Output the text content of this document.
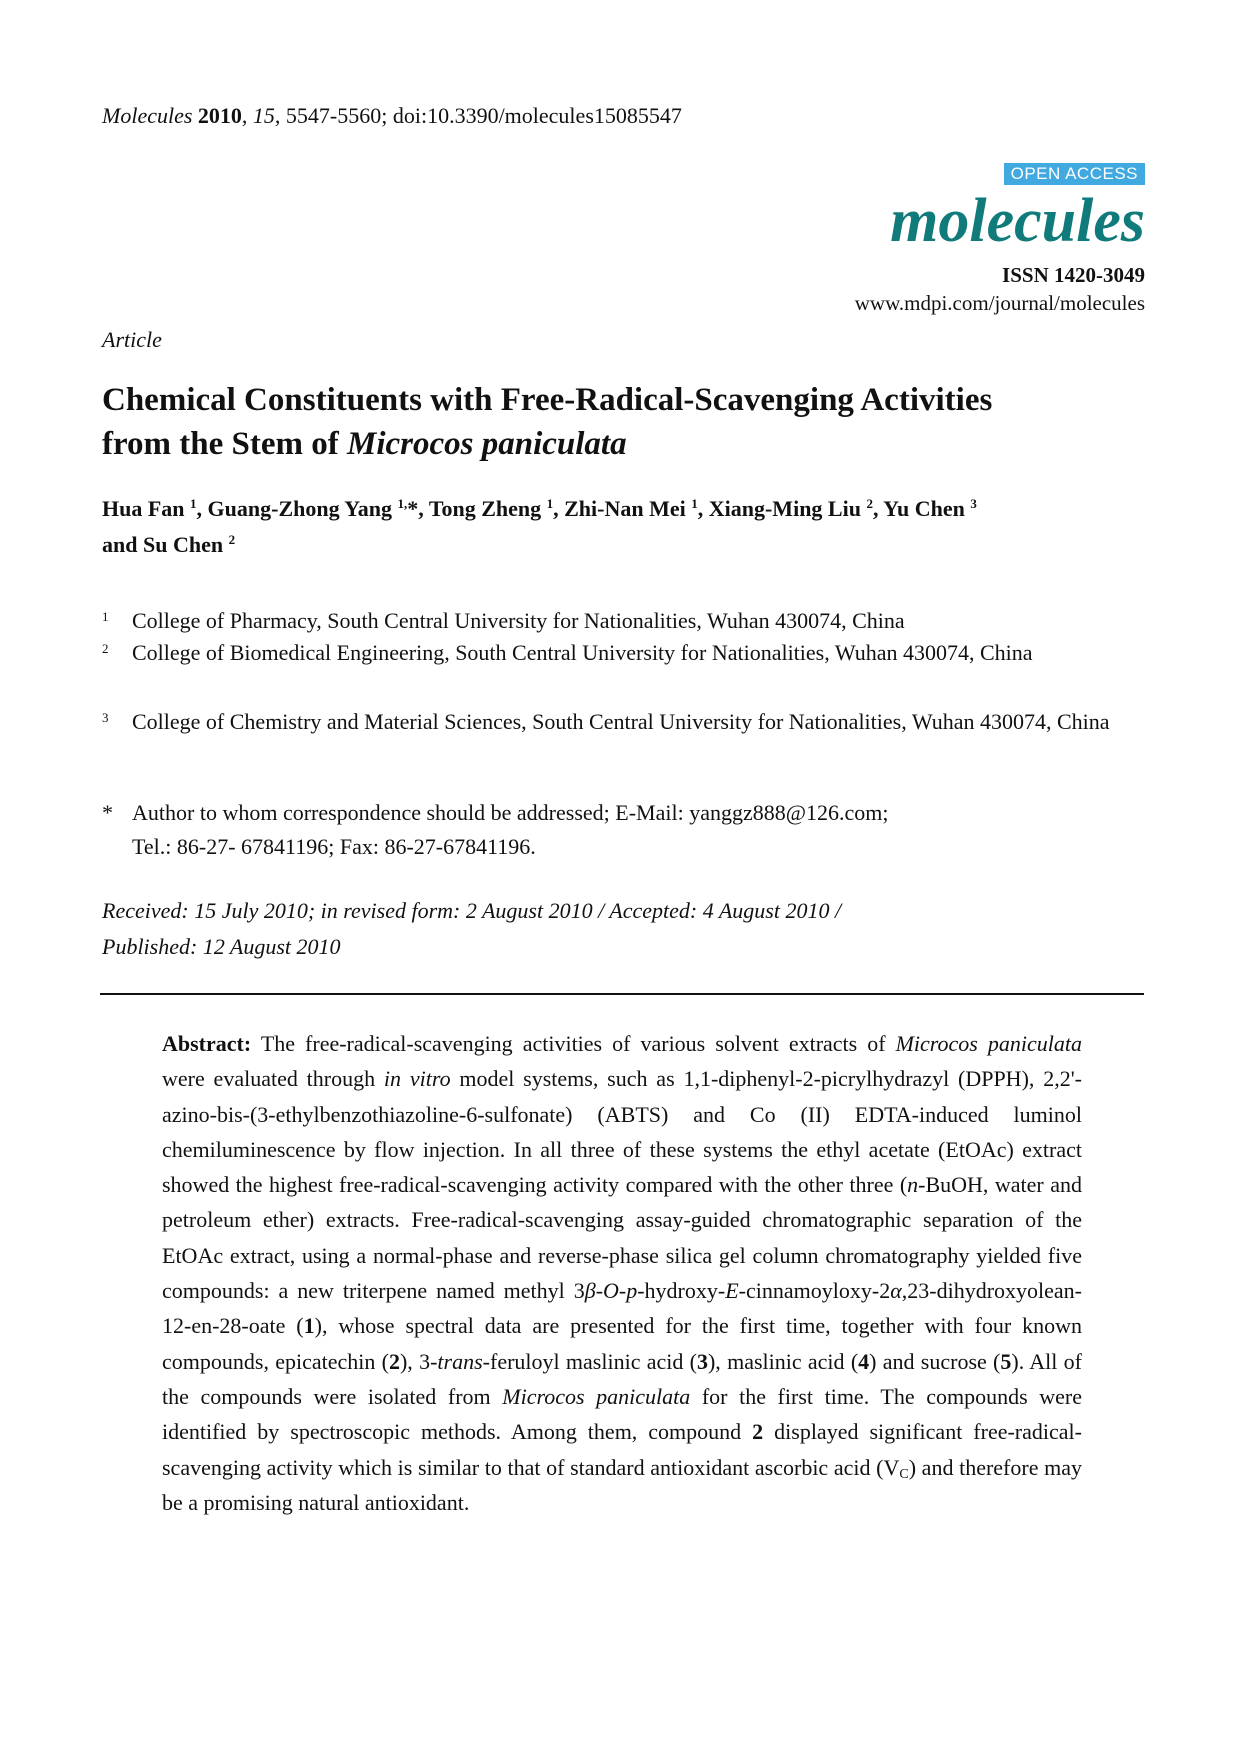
Molecules 2010, 15, 5547-5560; doi:10.3390/molecules15085547
OPEN ACCESS
molecules
ISSN 1420-3049
www.mdpi.com/journal/molecules
Article
Chemical Constituents with Free-Radical-Scavenging Activities
from the Stem of Microcos paniculata
Hua Fan $^1$, Guang-Zhong Yang $^{1,}$*, Tong Zheng $^1$, Zhi-Nan Mei $^1$, Xiang-Ming Liu $^2$, Yu Chen $^3$
and Su Chen $^2$
1 College of Pharmacy, South Central University for Nationalities, Wuhan 430074, China
2 College of Biomedical Engineering, South Central University for Nationalities, Wuhan 430074, China
3 College of Chemistry and Material Sciences, South Central University for Nationalities, Wuhan 430074, China
* Author to whom correspondence should be addressed; E-Mail: yanggz888@126.com;
Tel.: 86-27- 67841196; Fax: 86-27-67841196.
Received: 15 July 2010; in revised form: 2 August 2010 / Accepted: 4 August 2010 /
Published: 12 August 2010

Abstract: The free-radical-scavenging activities of various solvent extracts of Microcos paniculata were evaluated through in vitro model systems, such as 1,1-diphenyl-2-picrylhydrazyl (DPPH), 2,2'-azino-bis-(3-ethylbenzothiazoline-6-sulfonate) (ABTS) and Co (II) EDTA-induced luminol chemiluminescence by flow injection. In all three of these systems the ethyl acetate (EtOAc) extract showed the highest free-radical-scavenging activity compared with the other three (n-BuOH, water and petroleum ether) extracts. Free-radical-scavenging assay-guided chromatographic separation of the EtOAc extract, using a normal-phase and reverse-phase silica gel column chromatography yielded five compounds: a new triterpene named methyl 3β-O-p-hydroxy-E-cinnamoyloxy-2α,23-dihydroxyolean-12-en-28-oate (1), whose spectral data are presented for the first time, together with four known compounds, epicatechin (2), 3-trans-feruloyl maslinic acid (3), maslinic acid (4) and sucrose (5). All of the compounds were isolated from Microcos paniculata for the first time. The compounds were identified by spectroscopic methods. Among them, compound 2 displayed significant free-radical-scavenging activity which is similar to that of standard antioxidant ascorbic acid $(V_C)$ and therefore may be a promising natural antioxidant.
